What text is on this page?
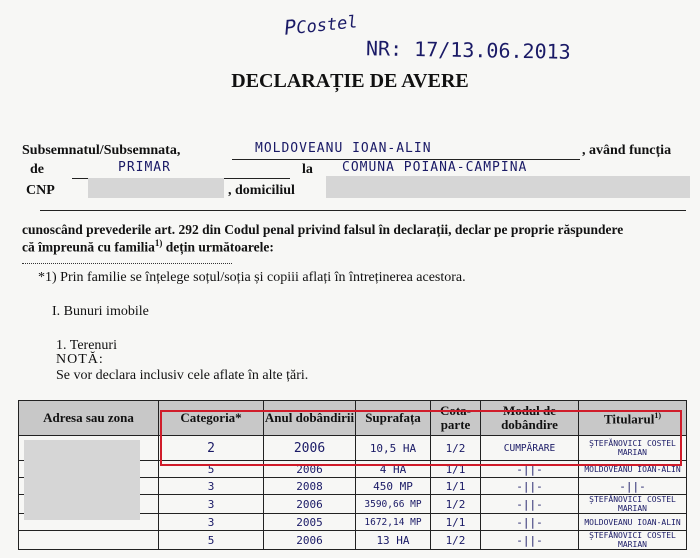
PCostel
NR: 17/13.06.2013
DECLARAȚIE DE AVERE
Subsemnatul/Subsemnata,	MOLDOVEANU IOAN-ALIN	, având funcția
de	PRIMAR	la COMUNA POIANA-CAMPINA
CNP	, domiciliul
cunoscând prevederile art. 292 din Codul penal privind falsul în declarații, declar pe proprie răspundere
că împreună cu familia$^{1)}$ dețin următoarele:
*1) Prin familie se înțelege soțul/soția și copiii aflați în întreținerea acestora.
I. Bunuri imobile
1. Terenuri
NOTĂ:
Se vor declara inclusiv cele aflate în alte țări.
Adresa sau zona	Categoria*	Anul dobândirii	Suprafața	Cota-parte	Modul de dobândire	Titularul$^{1)}$
	2	2006	10,5 HA	1/2	CUMPĂRARE	ȘTEFĂNOVICI COSTEL MARIAN
	5	2006	4 HA	1/1	-||-	MOLDOVEANU IOAN-ALIN
	3	2008	450 MP	1/1	-||-	-||-
	3	2006	3590,66 MP	1/2	-||-	ȘTEFĂNOVICI COSTEL MARIAN
	3	2005	1672,14 MP	1/1	-||-	MOLDOVEANU IOAN-ALIN
	5	2006	13 HA	1/2	-||-	ȘTEFĂNOVICI COSTEL MARIAN
